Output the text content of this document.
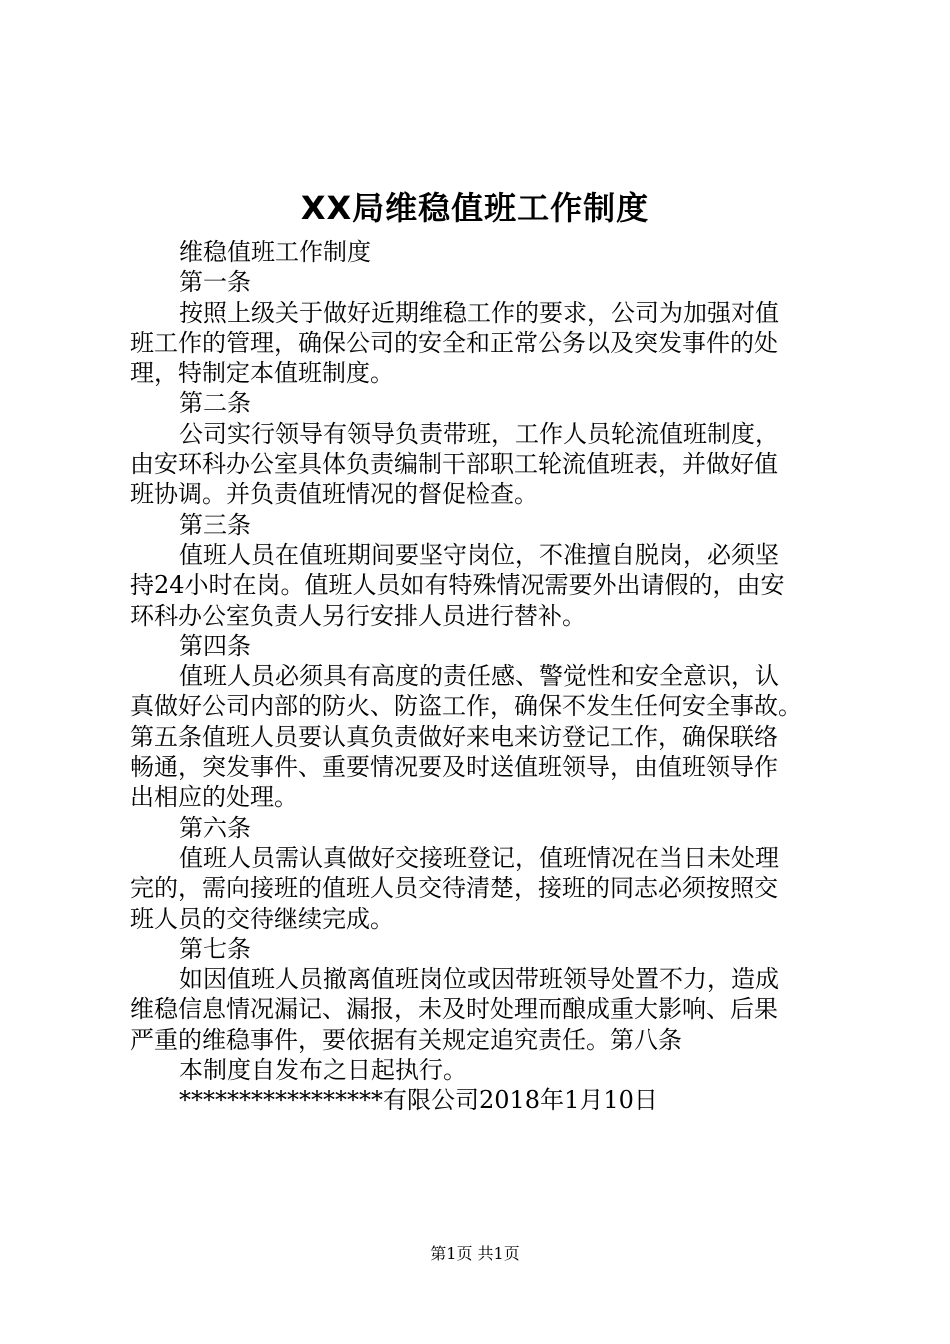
XX局维稳值班工作制度
维稳值班工作制度
第一条
按照上级关于做好近期维稳工作的要求，公司为加强对值
班工作的管理，确保公司的安全和正常公务以及突发事件的处
理，特制定本值班制度。
第二条
公司实行领导有领导负责带班，工作人员轮流值班制度，
由安环科办公室具体负责编制干部职工轮流值班表，并做好值
班协调。并负责值班情况的督促检查。
第三条
值班人员在值班期间要坚守岗位，不准擅自脱岗，必须坚
持24小时在岗。值班人员如有特殊情况需要外出请假的，由安
环科办公室负责人另行安排人员进行替补。
第四条
值班人员必须具有高度的责任感、警觉性和安全意识，认
真做好公司内部的防火、防盗工作，确保不发生任何安全事故。
第五条值班人员要认真负责做好来电来访登记工作，确保联络
畅通，突发事件、重要情况要及时送值班领导，由值班领导作
出相应的处理。
第六条
值班人员需认真做好交接班登记，值班情况在当日未处理
完的，需向接班的值班人员交待清楚，接班的同志必须按照交
班人员的交待继续完成。
第七条
如因值班人员撤离值班岗位或因带班领导处置不力，造成
维稳信息情况漏记、漏报，未及时处理而酿成重大影响、后果
严重的维稳事件，要依据有关规定追究责任。第八条
本制度自发布之日起执行。
*****************有限公司2018年1月10日
第1页 共1页
